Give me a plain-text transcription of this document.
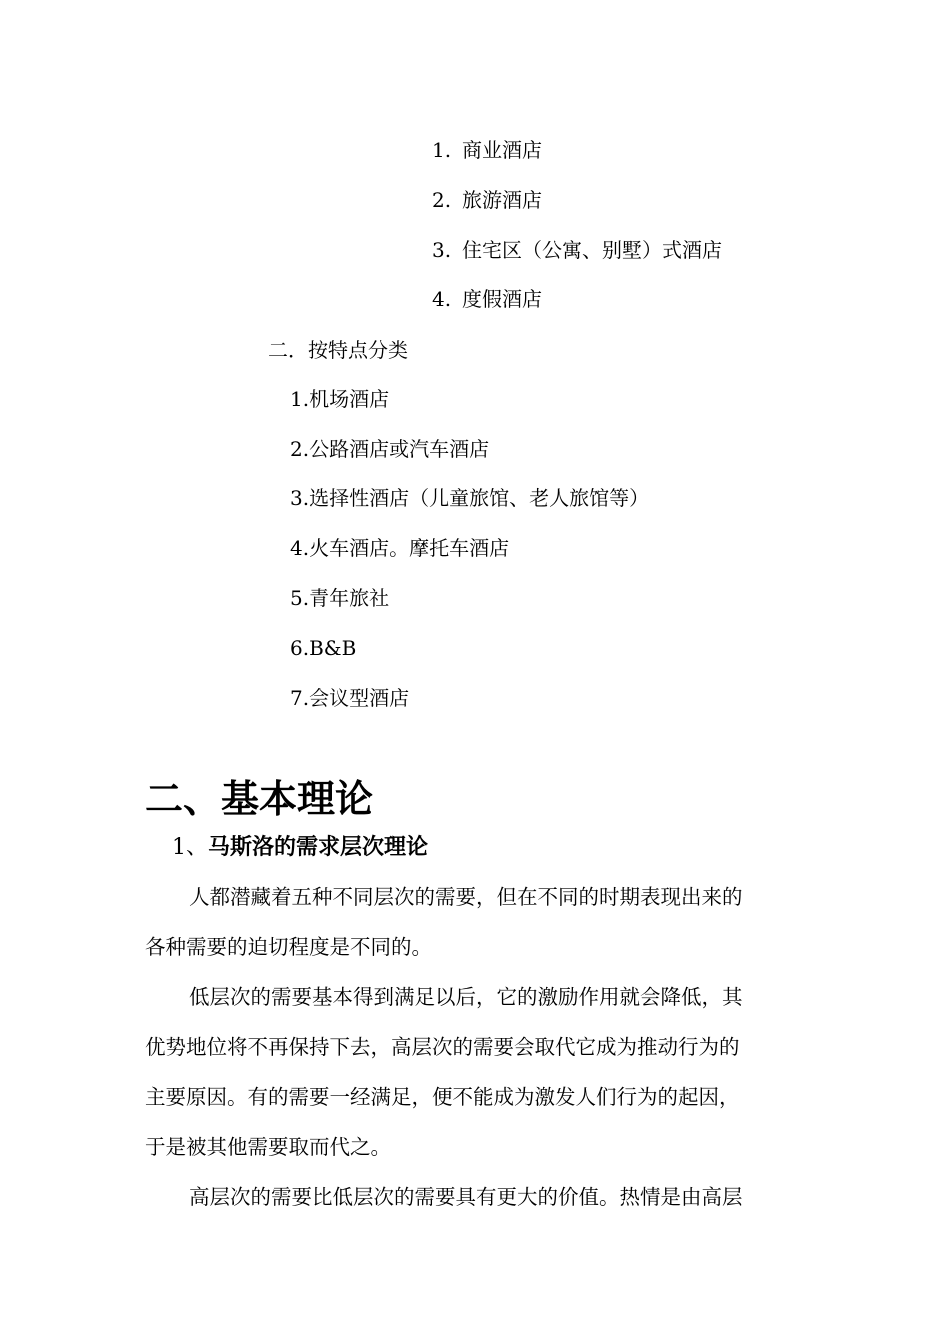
1. 商业酒店
2. 旅游酒店
3. 住宅区（公寓、别墅）式酒店
4. 度假酒店
二．按特点分类
1.机场酒店
2.公路酒店或汽车酒店
3.选择性酒店（儿童旅馆、老人旅馆等）
4.火车酒店。摩托车酒店
5.青年旅社
6.B&B
7.会议型酒店
二、基本理论
1、马斯洛的需求层次理论
人都潜藏着五种不同层次的需要，但在不同的时期表现出来的
各种需要的迫切程度是不同的。
低层次的需要基本得到满足以后，它的激励作用就会降低，其
优势地位将不再保持下去，高层次的需要会取代它成为推动行为的
主要原因。有的需要一经满足，便不能成为激发人们行为的起因，
于是被其他需要取而代之。
高层次的需要比低层次的需要具有更大的价值。热情是由高层
